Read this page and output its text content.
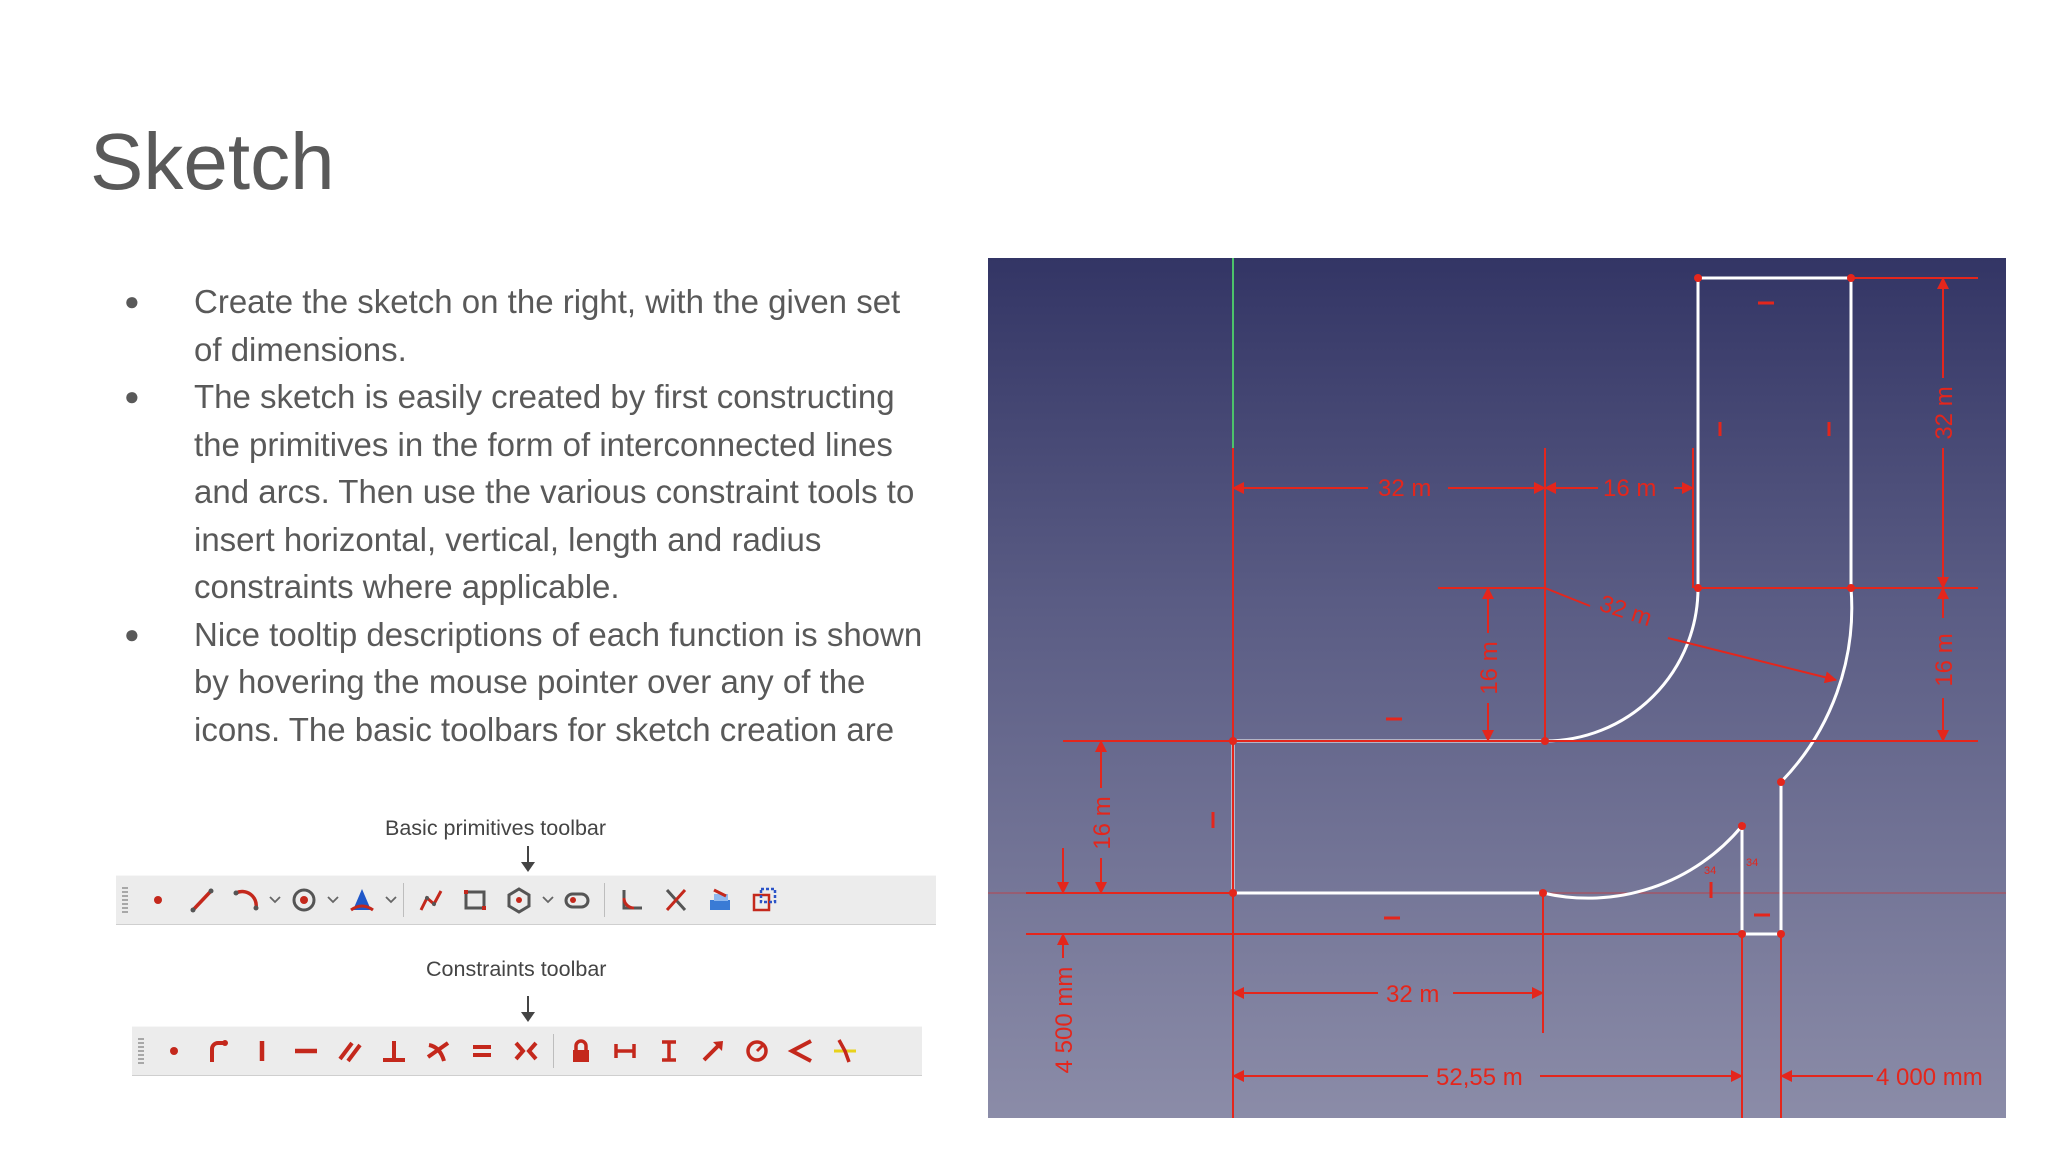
Sketch
● Create the sketch on the right, with the given set
of dimensions.
● The sketch is easily created by first constructing
the primitives in the form of interconnected lines
and arcs. Then use the various constraint tools to
insert horizontal, vertical, length and radius
constraints where applicable.
● Nice tooltip descriptions of each function is shown
by hovering the mouse pointer over any of the
icons. The basic toolbars for sketch creation are
Basic primitives toolbar
Constraints toolbar
34
34
32 m	16 m
32 m
16 m
32 m
16 m
16 m
4 500 mm	32 m
52,55 m	4 000 mm
